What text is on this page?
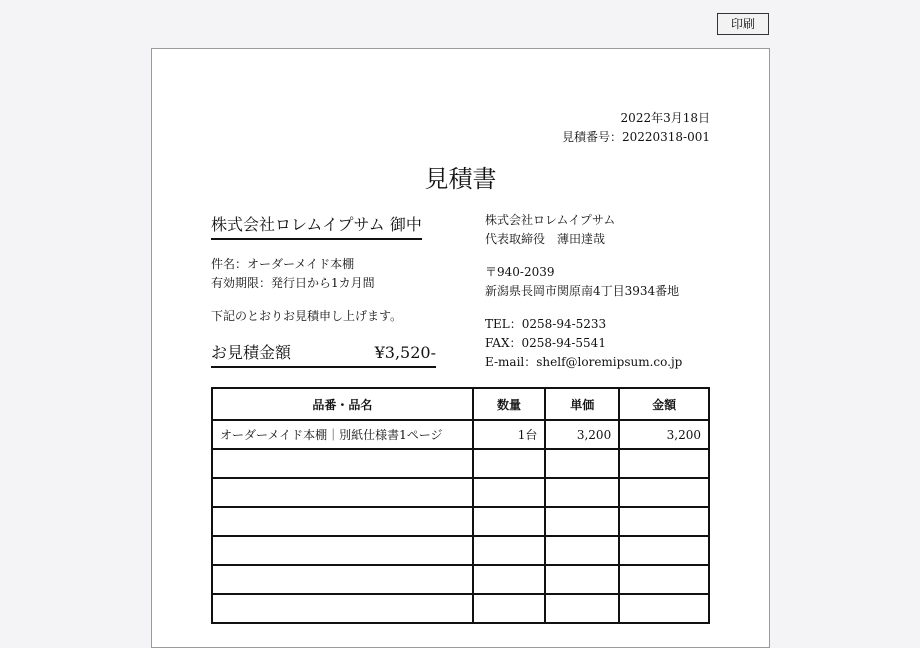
印刷
2022年3月18日
見積番号：20220318-001
見積書
株式会社ロレムイプサム 御中
件名：オーダーメイド本棚
有効期限：発行日から1カ月間
下記のとおりお見積申し上げます。
お見積金額	¥3,520-
株式会社ロレムイプサム
代表取締役　薄田達哉
〒940-2039
新潟県長岡市関原南4丁目3934番地
TEL：0258-94-5233
FAX：0258-94-5541
E-mail：shelf@loremipsum.co.jp
品番・品名	数量	単価	金額
オーダーメイド本棚｜別紙仕様書1ページ	1台	3,200	3,200
